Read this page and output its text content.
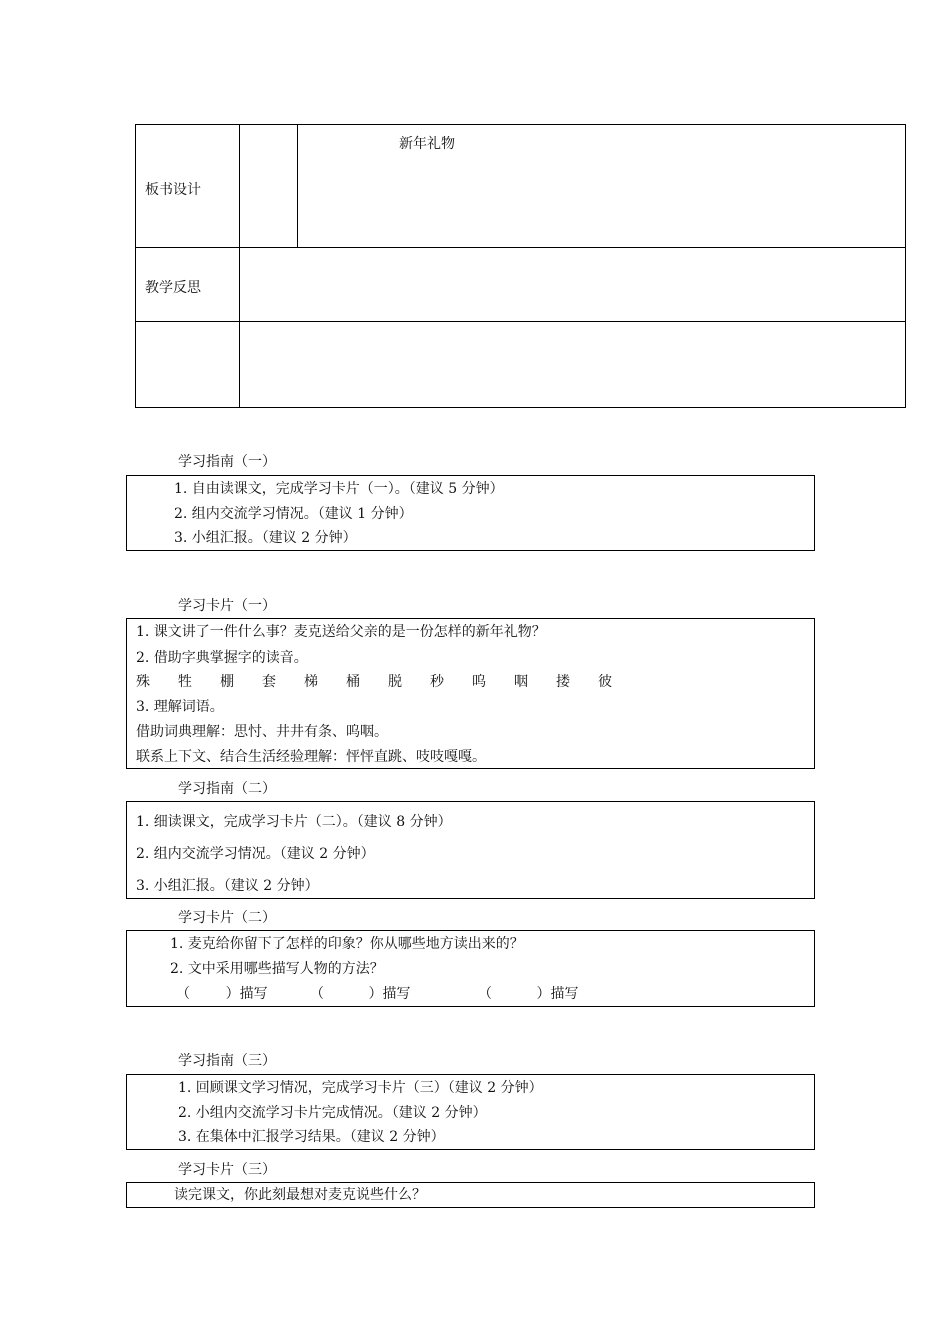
板书设计
新年礼物
教学反思
学习指南（一）
1. 自由读课文，完成学习卡片（一）。（建议 5 分钟）
2. 组内交流学习情况。（建议 1 分钟）
3. 小组汇报。（建议 2 分钟）
学习卡片（一）
1. 课文讲了一件什么事？麦克送给父亲的是一份怎样的新年礼物？
2. 借助字典掌握字的读音。
殊 牲 棚 套 梯 桶 脱 秒 呜 咽 搂 彼
3. 理解词语。
借助词典理解：思忖、井井有条、呜咽。
联系上下文、结合生活经验理解：怦怦直跳、吱吱嘎嘎。
学习指南（二）
1. 细读课文，完成学习卡片（二）。（建议 8 分钟）
2. 组内交流学习情况。（建议 2 分钟）
3. 小组汇报。（建议 2 分钟）
学习卡片（二）
1. 麦克给你留下了怎样的印象？你从哪些地方读出来的？
2. 文中采用哪些描写人物的方法？
（        ）描写	（          ）描写	（          ）描写
学习指南（三）
1. 回顾课文学习情况，完成学习卡片（三）（建议 2 分钟）
2. 小组内交流学习卡片完成情况。（建议 2 分钟）
3. 在集体中汇报学习结果。（建议 2 分钟）
学习卡片（三）
读完课文，你此刻最想对麦克说些什么？
